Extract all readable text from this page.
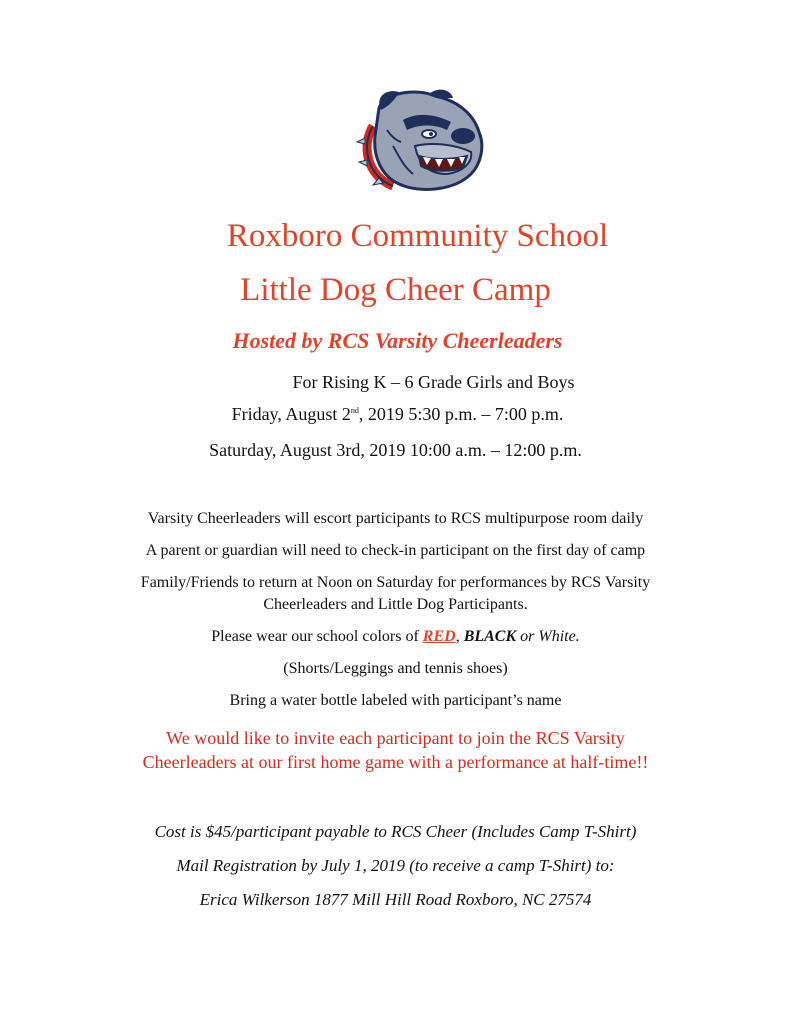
Roxboro Community School
Little Dog Cheer Camp
Hosted by RCS Varsity Cheerleaders
For Rising K – 6 Grade Girls and Boys
Friday, August 2nd, 2019 5:30 p.m. – 7:00 p.m.
Saturday, August 3rd, 2019 10:00 a.m. – 12:00 p.m.
Varsity Cheerleaders will escort participants to RCS multipurpose room daily
A parent or guardian will need to check-in participant on the first day of camp
Family/Friends to return at Noon on Saturday for performances by RCS Varsity
Cheerleaders and Little Dog Participants.
Please wear our school colors of RED, BLACK or White.
(Shorts/Leggings and tennis shoes)
Bring a water bottle labeled with participant’s name
We would like to invite each participant to join the RCS Varsity
Cheerleaders at our first home game with a performance at half-time!!
Cost is $45/participant payable to RCS Cheer (Includes Camp T-Shirt)
Mail Registration by July 1, 2019 (to receive a camp T-Shirt) to:
Erica Wilkerson 1877 Mill Hill Road Roxboro, NC 27574
